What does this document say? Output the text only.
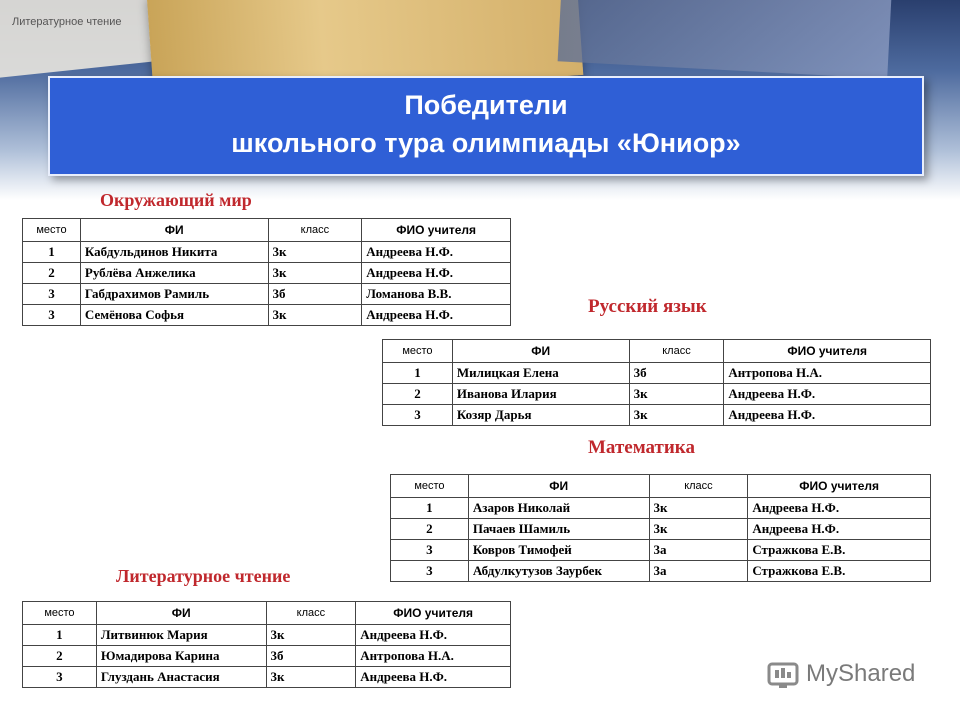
Литературное чтение
Победители
школьного тура олимпиады «Юниор»
Окружающий мир
место	ФИ	класс	ФИО учителя
1	Кабдульдинов Никита	3к	Андреева Н.Ф.
2	Рублёва Анжелика	3к	Андреева Н.Ф.
3	Габдрахимов Рамиль	3б	Ломанова В.В.
3	Семёнова Софья	3к	Андреева Н.Ф.	Русский язык
место	ФИ	класс	ФИО учителя
1	Милицкая Елена	3б	Антропова Н.А.
2	Иванова Илария	3к	Андреева Н.Ф.
3	Козяр Дарья	3к	Андреева Н.Ф.
Математика
место	ФИ	класс	ФИО учителя
1	Азаров Николай	3к	Андреева Н.Ф.
2	Пачаев Шамиль	3к	Андреева Н.Ф.
3	Ковров Тимофей	3а	Стражкова Е.В.
3	Абдулкутузов Заурбек	3а	Стражкова Е.В.
Литературное чтение
место	ФИ	класс	ФИО учителя
1	Литвинюк Мария	3к	Андреева Н.Ф.
2	Юмадирова Карина	3б	Антропова Н.А.
3	Глуздань Анастасия	3к	Андреева Н.Ф.	MyShared
